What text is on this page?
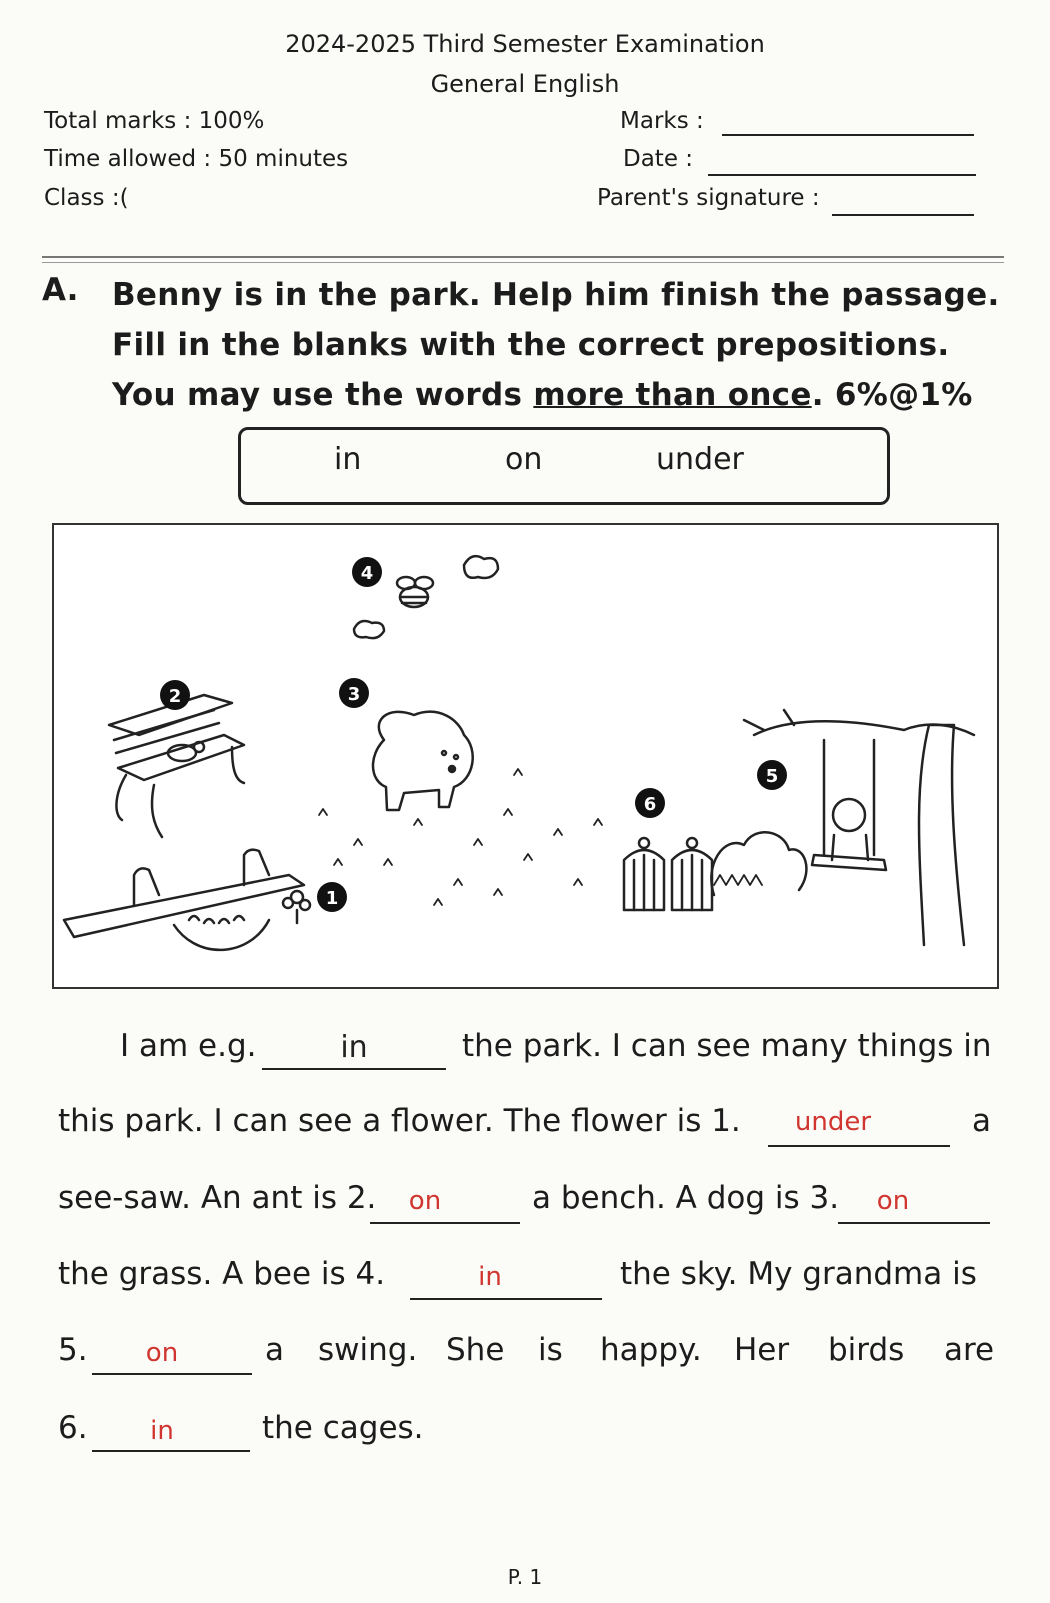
2024-2025 Third Semester Examination
General English
Total marks : 100%
Time allowed : 50 minutes
Class :(
Marks :
Date :
Parent's signature :
A. Benny is in the park. Help him finish the passage. Fill in the blanks with the correct prepositions. You may use the words more than once. 6%@1%
in	on	under
1
2	3
4
5
6
I am e.g.	in	the park. I can see many things in
this park. I can see a flower. The flower is 1.	under	a
see-saw. An ant is 2.	on	a bench. A dog is 3.	on
the grass. A bee is 4.	in	the sky. My grandma is
5.	on	a swing. She is happy. Her birds are
6.	in	the cages.
P. 1
